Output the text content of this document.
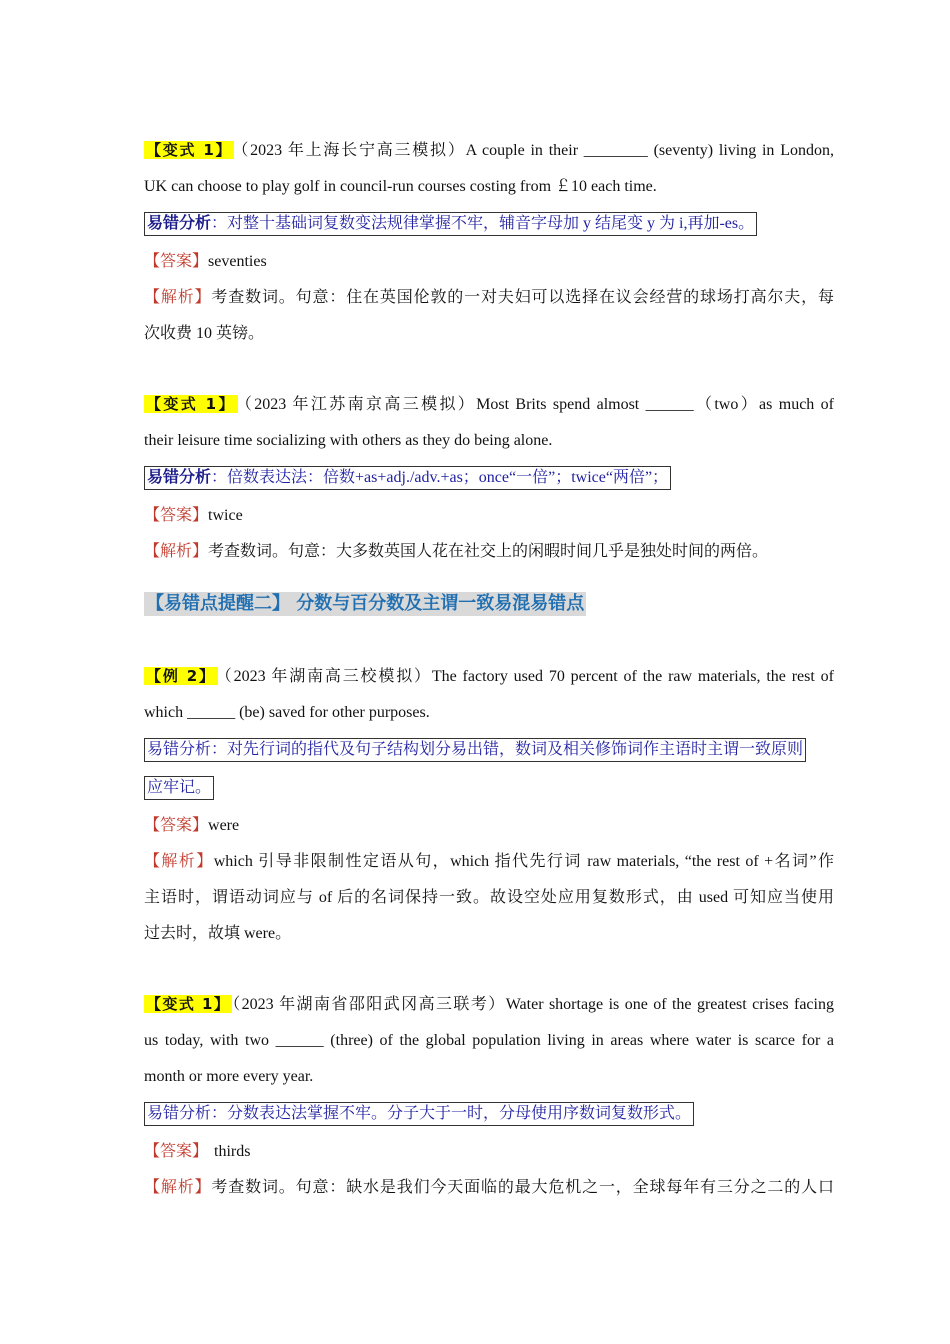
【变式 1】 （2023 年上海长宁高三模拟）A couple in their ________ (seventy) living in London,

UK can choose to play golf in council-run courses costing from ￡10 each time.

易错分析：对整十基础词复数变法规律掌握不牢，辅音字母加 y 结尾变 y 为 i,再加-es。

【答案】seventies

【解析】考查数词。句意：住在英国伦敦的一对夫妇可以选择在议会经营的球场打高尔夫，每

次收费 10 英镑。

【变式 1】 （2023 年江苏南京高三模拟）Most Brits spend almost ______（two）as much of

their leisure time socializing with others as they do being alone.

易错分析：倍数表达法：倍数+as+adj./adv.+as；once“一倍”；twice“两倍”；

【答案】twice

【解析】考查数词。句意：大多数英国人花在社交上的闲暇时间几乎是独处时间的两倍。

【易错点提醒二】 分数与百分数及主谓一致易混易错点

【例 2】 （2023 年湖南高三校模拟）The factory used 70 percent of the raw materials, the rest of

which ______ (be) saved for other purposes.

易错分析：对先行词的指代及句子结构划分易出错，数词及相关修饰词作主语时主谓一致原则
应牢记。

【答案】were

【解析】which 引导非限制性定语从句，which 指代先行词 raw materials, “the rest of +名词”作

主语时，谓语动词应与 of 后的名词保持一致。故设空处应用复数形式，由 used 可知应当使用

过去时，故填 were。

【变式 1】 （2023 年湖南省邵阳武冈高三联考）Water shortage is one of the greatest crises facing

us today, with two ______ (three) of the global population living in areas where water is scarce for a

month or more every year.

易错分析：分数表达法掌握不牢。分子大于一时，分母使用序数词复数形式。

【答案】 thirds

【解析】考查数词。句意：缺水是我们今天面临的最大危机之一，全球每年有三分之二的人口
